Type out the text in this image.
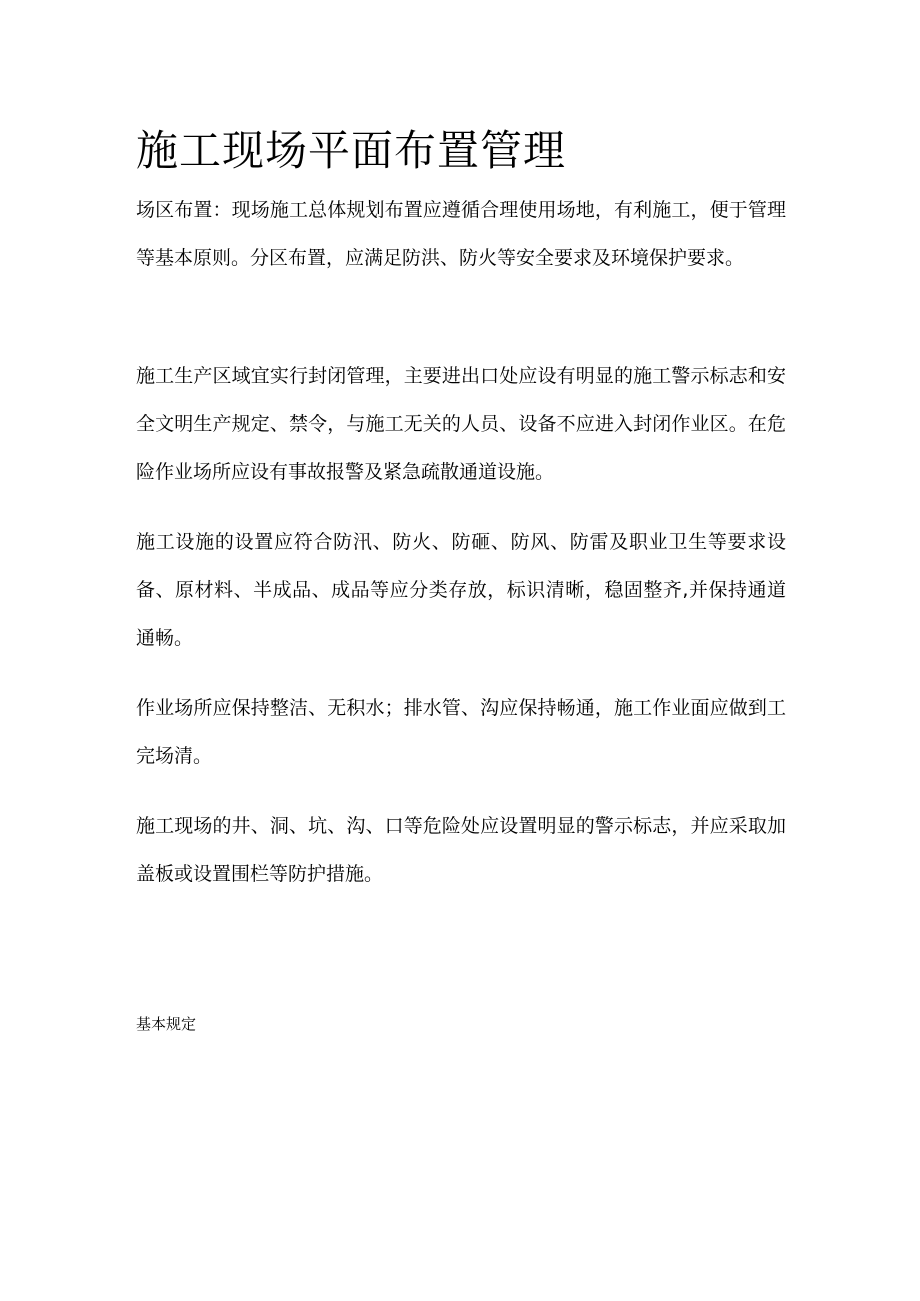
施工现场平面布置管理

场区布置：现场施工总体规划布置应遵循合理使用场地，有利施工，便于管理等基本原则。分区布置，应满足防洪、防火等安全要求及环境保护要求。

施工生产区域宜实行封闭管理，主要进出口处应设有明显的施工警示标志和安全文明生产规定、禁令，与施工无关的人员、设备不应进入封闭作业区。在危险作业场所应设有事故报警及紧急疏散通道设施。

施工设施的设置应符合防汛、防火、防砸、防风、防雷及职业卫生等要求设备、原材料、半成品、成品等应分类存放，标识清晰，稳固整齐,并保持通道通畅。

作业场所应保持整洁、无积水；排水管、沟应保持畅通，施工作业面应做到工完场清。

施工现场的井、洞、坑、沟、口等危险处应设置明显的警示标志，并应采取加盖板或设置围栏等防护措施。

基本规定
